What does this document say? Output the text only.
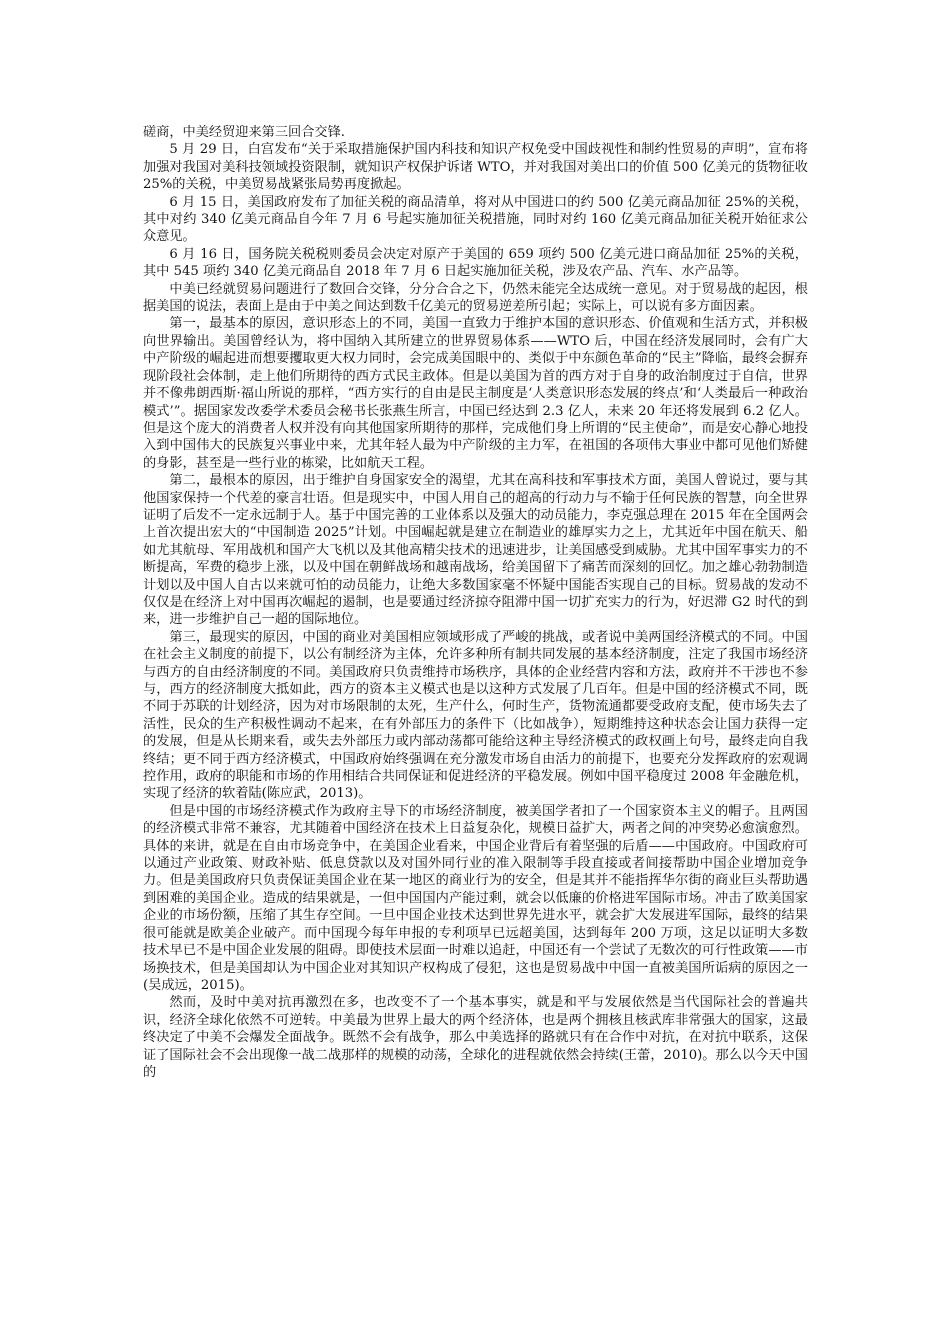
磋商，中美经贸迎来第三回合交锋.

5 月 29 日，白宫发布“关于采取措施保护国内科技和知识产权免受中国歧视性和制约性贸易的声明”，宣布将加强对我国对美科技领域投资限制，就知识产权保护诉诸 WTO，并对我国对美出口的价值 500 亿美元的货物征收 25%的关税，中美贸易战紧张局势再度掀起。

6 月 15 日，美国政府发布了加征关税的商品清单，将对从中国进口的约 500 亿美元商品加征 25%的关税，其中对约 340 亿美元商品自今年 7 月 6 号起实施加征关税措施，同时对约 160 亿美元商品加征关税开始征求公众意见。

6 月 16 日，国务院关税税则委员会决定对原产于美国的 659 项约 500 亿美元进口商品加征 25%的关税，其中 545 项约 340 亿美元商品自 2018 年 7 月 6 日起实施加征关税，涉及农产品、汽车、水产品等。

中美已经就贸易问题进行了数回合交锋，分分合合之下，仍然未能完全达成统一意见。对于贸易战的起因，根据美国的说法，表面上是由于中美之间达到数千亿美元的贸易逆差所引起；实际上，可以说有多方面因素。

第一，最基本的原因，意识形态上的不同，美国一直致力于维护本国的意识形态、价值观和生活方式，并积极向世界输出。美国曾经认为，将中国纳入其所建立的世界贸易体系——WTO 后，中国在经济发展同时，会有广大中产阶级的崛起进而想要攫取更大权力同时，会完成美国眼中的、类似于中东颜色革命的“民主”降临，最终会摒弃现阶段社会体制，走上他们所期待的西方式民主政体。但是以美国为首的西方对于自身的政治制度过于自信，世界并不像弗朗西斯·福山所说的那样，“西方实行的自由是民主制度是‘人类意识形态发展的终点’和‘人类最后一种政治模式’”。据国家发改委学术委员会秘书长张燕生所言，中国已经达到 2.3 亿人，未来 20 年还将发展到 6.2 亿人。但是这个庞大的消费者人权并没有向其他国家所期待的那样，完成他们身上所谓的“民主使命”，而是安心静心地投入到中国伟大的民族复兴事业中来，尤其年轻人最为中产阶级的主力军，在祖国的各项伟大事业中都可见他们矫健的身影，甚至是一些行业的栋梁，比如航天工程。

第二，最根本的原因，出于维护自身国家安全的渴望，尤其在高科技和军事技术方面，美国人曾说过，要与其他国家保持一个代差的豪言壮语。但是现实中，中国人用自己的超高的行动力与不输于任何民族的智慧，向全世界证明了后发不一定永远制于人。基于中国完善的工业体系以及强大的动员能力，李克强总理在 2015 年在全国两会上首次提出宏大的“中国制造 2025”计划。中国崛起就是建立在制造业的雄厚实力之上，尤其近年中国在航天、船如尤其航母、军用战机和国产大飞机以及其他高精尖技术的迅速进步，让美国感受到威胁。尤其中国军事实力的不断提高，军费的稳步上涨，以及中国在朝鲜战场和越南战场，给美国留下了痛苦而深刻的回忆。加之雄心勃勃制造计划以及中国人自古以来就可怕的动员能力，让绝大多数国家毫不怀疑中国能否实现自己的目标。贸易战的发动不仅仅是在经济上对中国再次崛起的遏制，也是要通过经济掠夺阻滞中国一切扩充实力的行为，好迟滞 G2 时代的到来，进一步维护自己一超的国际地位。

第三，最现实的原因，中国的商业对美国相应领域形成了严峻的挑战，或者说中美两国经济模式的不同。中国在社会主义制度的前提下，以公有制经济为主体，允许多种所有制共同发展的基本经济制度，注定了我国市场经济与西方的自由经济制度的不同。美国政府只负责维持市场秩序，具体的企业经营内容和方法，政府并不干涉也不参与，西方的经济制度大抵如此，西方的资本主义模式也是以这种方式发展了几百年。但是中国的经济模式不同，既不同于苏联的计划经济，因为对市场限制的太死，生产什么，何时生产，货物流通都要受政府支配，使市场失去了活性，民众的生产积极性调动不起来，在有外部压力的条件下（比如战争），短期维持这种状态会让国力获得一定的发展，但是从长期来看，或失去外部压力或内部动荡都可能给这种主导经济模式的政权画上句号，最终走向自我终结；更不同于西方经济模式，中国政府始终强调在充分激发市场自由活力的前提下，也要充分发挥政府的宏观调控作用，政府的职能和市场的作用相结合共同保证和促进经济的平稳发展。例如中国平稳度过 2008 年金融危机，实现了经济的软着陆(陈应武，2013)。

但是中国的市场经济模式作为政府主导下的市场经济制度，被美国学者扣了一个国家资本主义的帽子。且两国的经济模式非常不兼容，尤其随着中国经济在技术上日益复杂化，规模日益扩大，两者之间的冲突势必愈演愈烈。具体的来讲，就是在自由市场竞争中，在美国企业看来，中国企业背后有着坚强的后盾——中国政府。中国政府可以通过产业政策、财政补贴、低息贷款以及对国外同行业的准入限制等手段直接或者间接帮助中国企业增加竞争力。但是美国政府只负责保证美国企业在某一地区的商业行为的安全，但是其并不能指挥华尔街的商业巨头帮助遇到困难的美国企业。造成的结果就是，一但中国国内产能过剩，就会以低廉的价格进军国际市场。冲击了欧美国家企业的市场份额，压缩了其生存空间。一旦中国企业技术达到世界先进水平，就会扩大发展进军国际，最终的结果很可能就是欧美企业破产。而中国现今每年申报的专利项早已远超美国，达到每年 200 万项，这足以证明大多数技术早已不是中国企业发展的阻碍。即使技术层面一时难以追赶，中国还有一个尝试了无数次的可行性政策——市场换技术，但是美国却认为中国企业对其知识产权构成了侵犯，这也是贸易战中中国一直被美国所诟病的原因之一(吴成远，2015)。

然而，及时中美对抗再激烈在多，也改变不了一个基本事实，就是和平与发展依然是当代国际社会的普遍共识，经济全球化依然不可逆转。中美最为世界上最大的两个经济体，也是两个拥核且核武库非常强大的国家，这最终决定了中美不会爆发全面战争。既然不会有战争，那么中美选择的路就只有在合作中对抗，在对抗中联系，这保证了国际社会不会出现像一战二战那样的规模的动荡，全球化的进程就依然会持续(王蕾，2010)。那么以今天中国的
